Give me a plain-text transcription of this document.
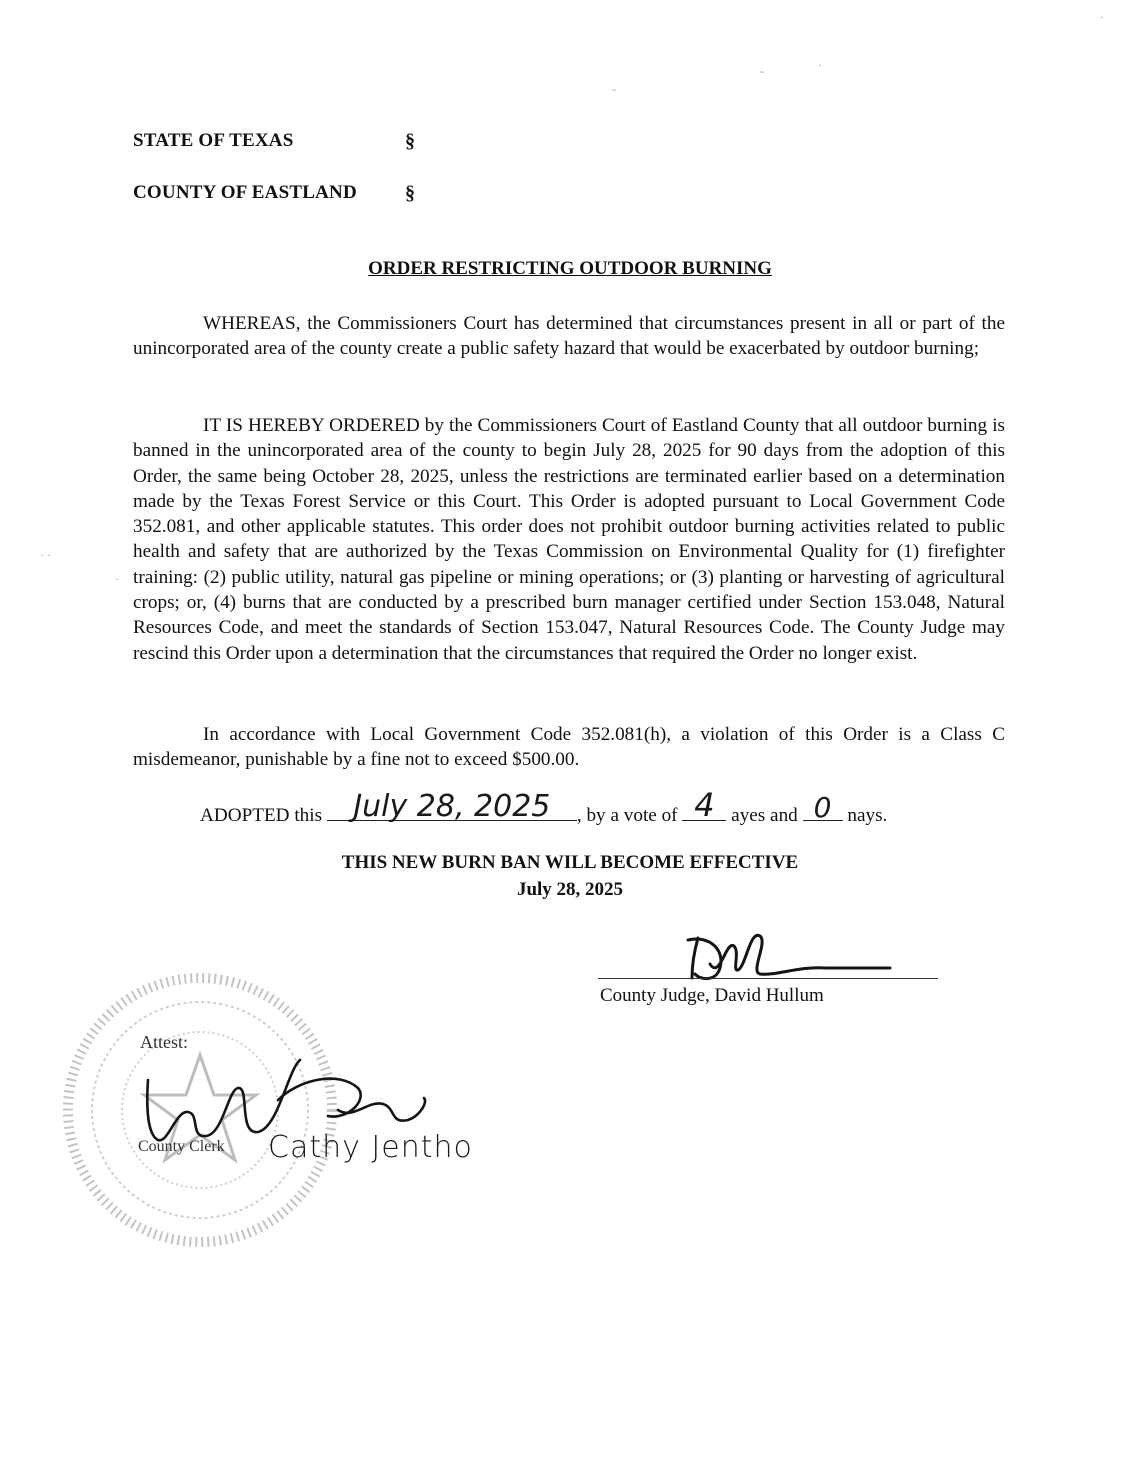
·
-
-
·
· ·
·
STATE OF TEXAS	§
COUNTY OF EASTLAND §
ORDER RESTRICTING OUTDOOR BURNING
WHEREAS, the Commissioners Court has determined that circumstances present in all or part of the unincorporated area of the county create a public safety hazard that would be exacerbated by outdoor burning;
IT IS HEREBY ORDERED by the Commissioners Court of Eastland County that all outdoor burning is banned in the unincorporated area of the county to begin July 28, 2025 for 90 days from the adoption of this Order, the same being October 28, 2025, unless the restrictions are terminated earlier based on a determination made by the Texas Forest Service or this Court. This Order is adopted pursuant to Local Government Code 352.081, and other applicable statutes. This order does not prohibit outdoor burning activities related to public health and safety that are authorized by the Texas Commission on Environmental Quality for (1) firefighter training: (2) public utility, natural gas pipeline or mining operations; or (3) planting or harvesting of agricultural crops; or, (4) burns that are conducted by a prescribed burn manager certified under Section 153.048, Natural Resources Code, and meet the standards of Section 153.047, Natural Resources Code. The County Judge may rescind this Order upon a determination that the circumstances that required the Order no longer exist.
In accordance with Local Government Code 352.081(h), a violation of this Order is a Class C misdemeanor, punishable by a fine not to exceed $500.00.
ADOPTED this	July 28, 2025	, by a vote of 4 ayes and 0 nays.
THIS NEW BURN BAN WILL BECOME EFFECTIVE
July 28, 2025
County Judge, David Hullum
Attest:
County Clerk Cathy Jentho
